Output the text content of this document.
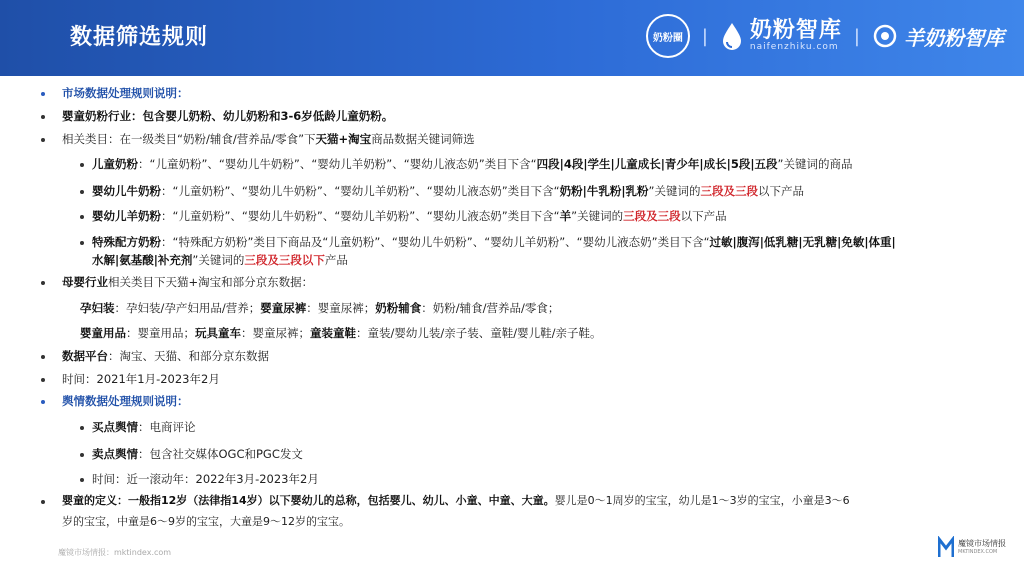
数据筛选规则	奶粉圈 | 奶粉智库
naifenzhiku.com
| 羊奶粉智库
市场数据处理规则说明：
婴童奶粉行业：包含婴儿奶粉、幼儿奶粉和3-6岁低龄儿童奶粉。
相关类目：在一级类目“奶粉/辅食/营养品/零食”下天猫+淘宝商品数据关键词筛选
儿童奶粉：“儿童奶粉”、“婴幼儿牛奶粉”、“婴幼儿羊奶粉”、“婴幼儿液态奶”类目下含“四段|4段|学生|儿童成长|青少年|成长|5段|五段”关键词的商品
婴幼儿牛奶粉：“儿童奶粉”、“婴幼儿牛奶粉”、“婴幼儿羊奶粉”、“婴幼儿液态奶”类目下含“奶粉|牛乳粉|乳粉”关键词的三段及三段以下产品
婴幼儿羊奶粉：“儿童奶粉”、“婴幼儿牛奶粉”、“婴幼儿羊奶粉”、“婴幼儿液态奶”类目下含“羊”关键词的三段及三段以下产品
特殊配方奶粉：“特殊配方奶粉”类目下商品及“儿童奶粉”、“婴幼儿牛奶粉”、“婴幼儿羊奶粉”、“婴幼儿液态奶”类目下含“过敏|腹泻|低乳糖|无乳糖|免敏|体重|
水解|氨基酸|补充剂”关键词的三段及三段以下产品
母婴行业相关类目下天猫+淘宝和部分京东数据：
孕妇装：孕妇装/孕产妇用品/营养；婴童尿裤：婴童尿裤；奶粉辅食：奶粉/辅食/营养品/零食；
婴童用品：婴童用品；玩具童车：婴童尿裤；童装童鞋：童装/婴幼儿装/亲子装、童鞋/婴儿鞋/亲子鞋。
数据平台：淘宝、天猫、和部分京东数据
时间：2021年1月-2023年2月
舆情数据处理规则说明：
买点舆情：电商评论
卖点舆情：包含社交媒体OGC和PGC发文
时间：近一滚动年：2022年3月-2023年2月
婴童的定义：一般指12岁（法律指14岁）以下婴幼儿的总称，包括婴儿、幼儿、小童、中童、大童。婴儿是0～1周岁的宝宝，幼儿是1～3岁的宝宝，小童是3～6
岁的宝宝，中童是6～9岁的宝宝，大童是9～12岁的宝宝。
魔镜市场情报：mktindex.com
魔镜市场情报
MKTINDEX.COM
